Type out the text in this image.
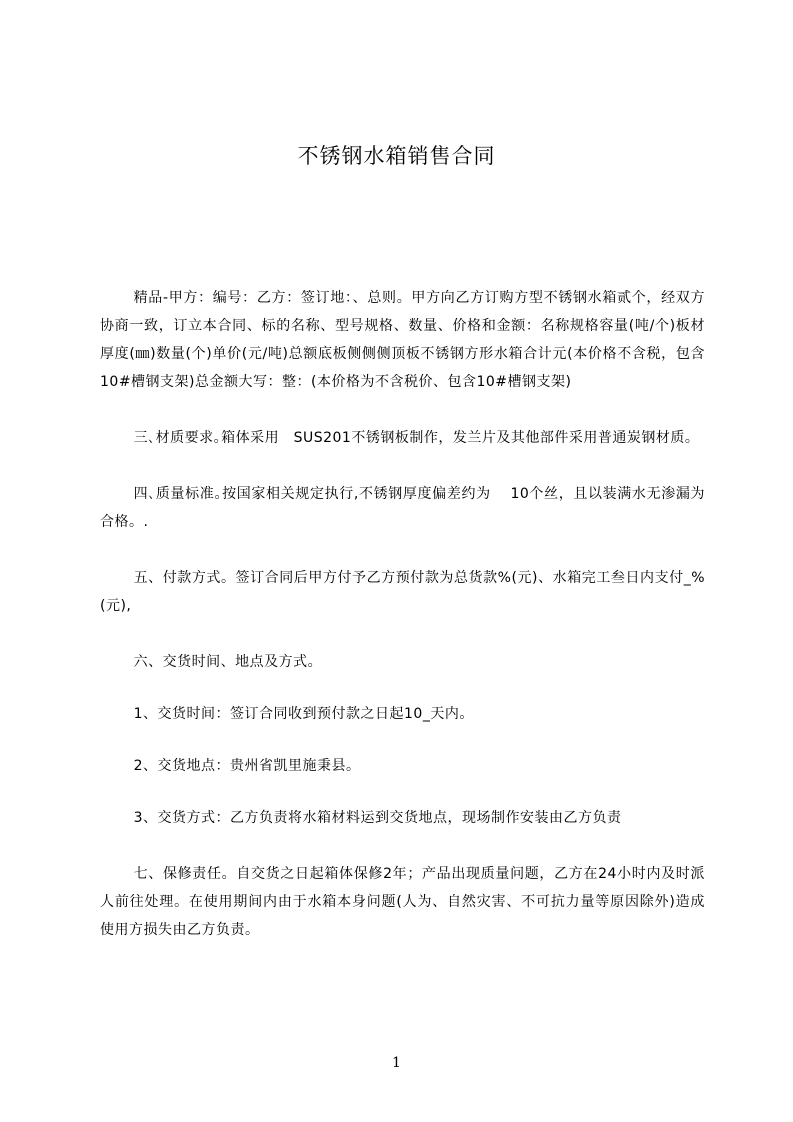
不锈钢水箱销售合同

精品-甲方：编号：乙方：签订地：、总则。甲方向乙方订购方型不锈钢水箱贰个，经双方协商一致，订立本合同、标的名称、型号规格、数量、价格和金额：名称规格容量(吨/个)板材厚度(㎜)数量(个)单价(元/吨)总额底板侧侧侧顶板不锈钢方形水箱合计元(本价格不含税，包含10#槽钢支架)总金额大写：整：(本价格为不含税价、包含10#槽钢支架)

三､材质要求｡箱体采用　SUS201不锈钢板制作，发兰片及其他部件采用普通炭钢材质。

四､质量标准｡按国家相关规定执行,不锈钢厚度偏差约为　 10个丝，且以装满水无渗漏为合格。.

五、付款方式。签订合同后甲方付予乙方预付款为总货款%(元)、水箱完工叁日内支付_%(元),

六、交货时间、地点及方式。

1、交货时间：签订合同收到预付款之日起10_天内。

2、交货地点：贵州省凯里施秉县。

3、交货方式：乙方负责将水箱材料运到交货地点，现场制作安装由乙方负责

七、保修责任。自交货之日起箱体保修2年；产品出现质量问题，乙方在24小时内及时派人前往处理。在使用期间内由于水箱本身问题(人为、自然灾害、不可抗力量等原因除外)造成使用方损失由乙方负责。

1
